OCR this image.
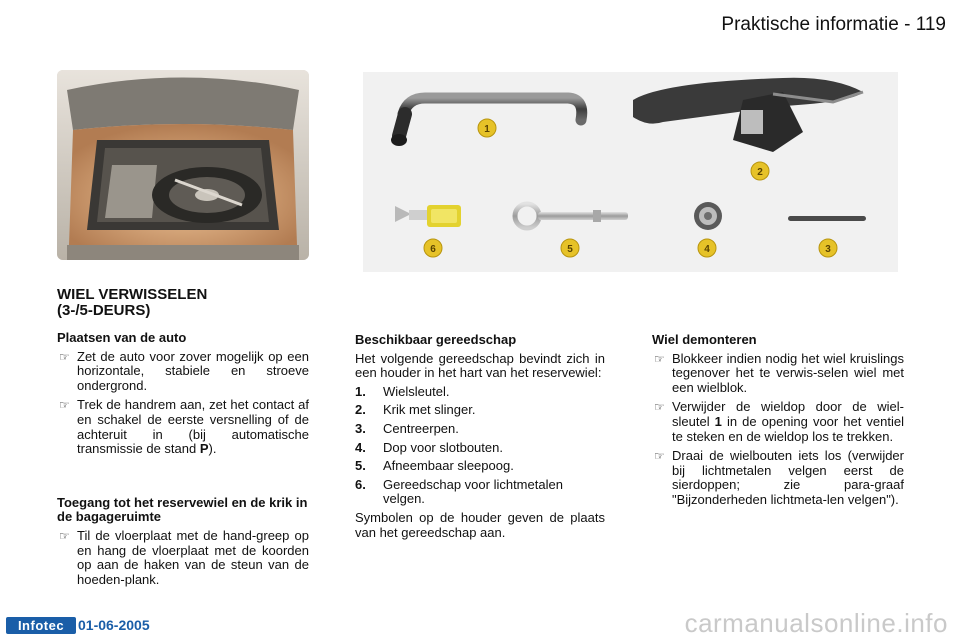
Praktische informatie - 119
1
2
6	5	4	3
WIEL VERWISSELEN
(3-/5-DEURS)
Plaatsen van de auto
☞ Zet de auto voor zover mogelijk op een horizontale, stabiele en stroeve ondergrond.
☞ Trek de handrem aan, zet het contact af en schakel de eerste versnelling of de achteruit in (bij automatische transmissie de stand P).
Toegang tot het reservewiel en de krik in de bagageruimte
☞ Til de vloerplaat met de hand-greep op en hang de vloerplaat met de koorden op aan de haken van de steun van de hoeden-plank.
Beschikbaar gereedschap
Het volgende gereedschap bevindt zich in een houder in het hart van het reservewiel:
1. Wielsleutel.
2. Krik met slinger.
3. Centreerpen.
4. Dop voor slotbouten.
5. Afneembaar sleepoog.
6. Gereedschap voor lichtmetalen velgen.
Symbolen op de houder geven de plaats van het gereedschap aan.
Wiel demonteren
☞ Blokkeer indien nodig het wiel kruislings tegenover het te verwis-selen wiel met een wielblok.
☞ Verwijder de wieldop door de wiel-sleutel 1 in de opening voor het ventiel te steken en de wieldop los te trekken.
☞ Draai de wielbouten iets los (verwijder bij lichtmetalen velgen eerst de sierdoppen; zie para-graaf "Bijzonderheden lichtmeta-len velgen").
Infotec 01-06-2005	carmanualsonline.info
